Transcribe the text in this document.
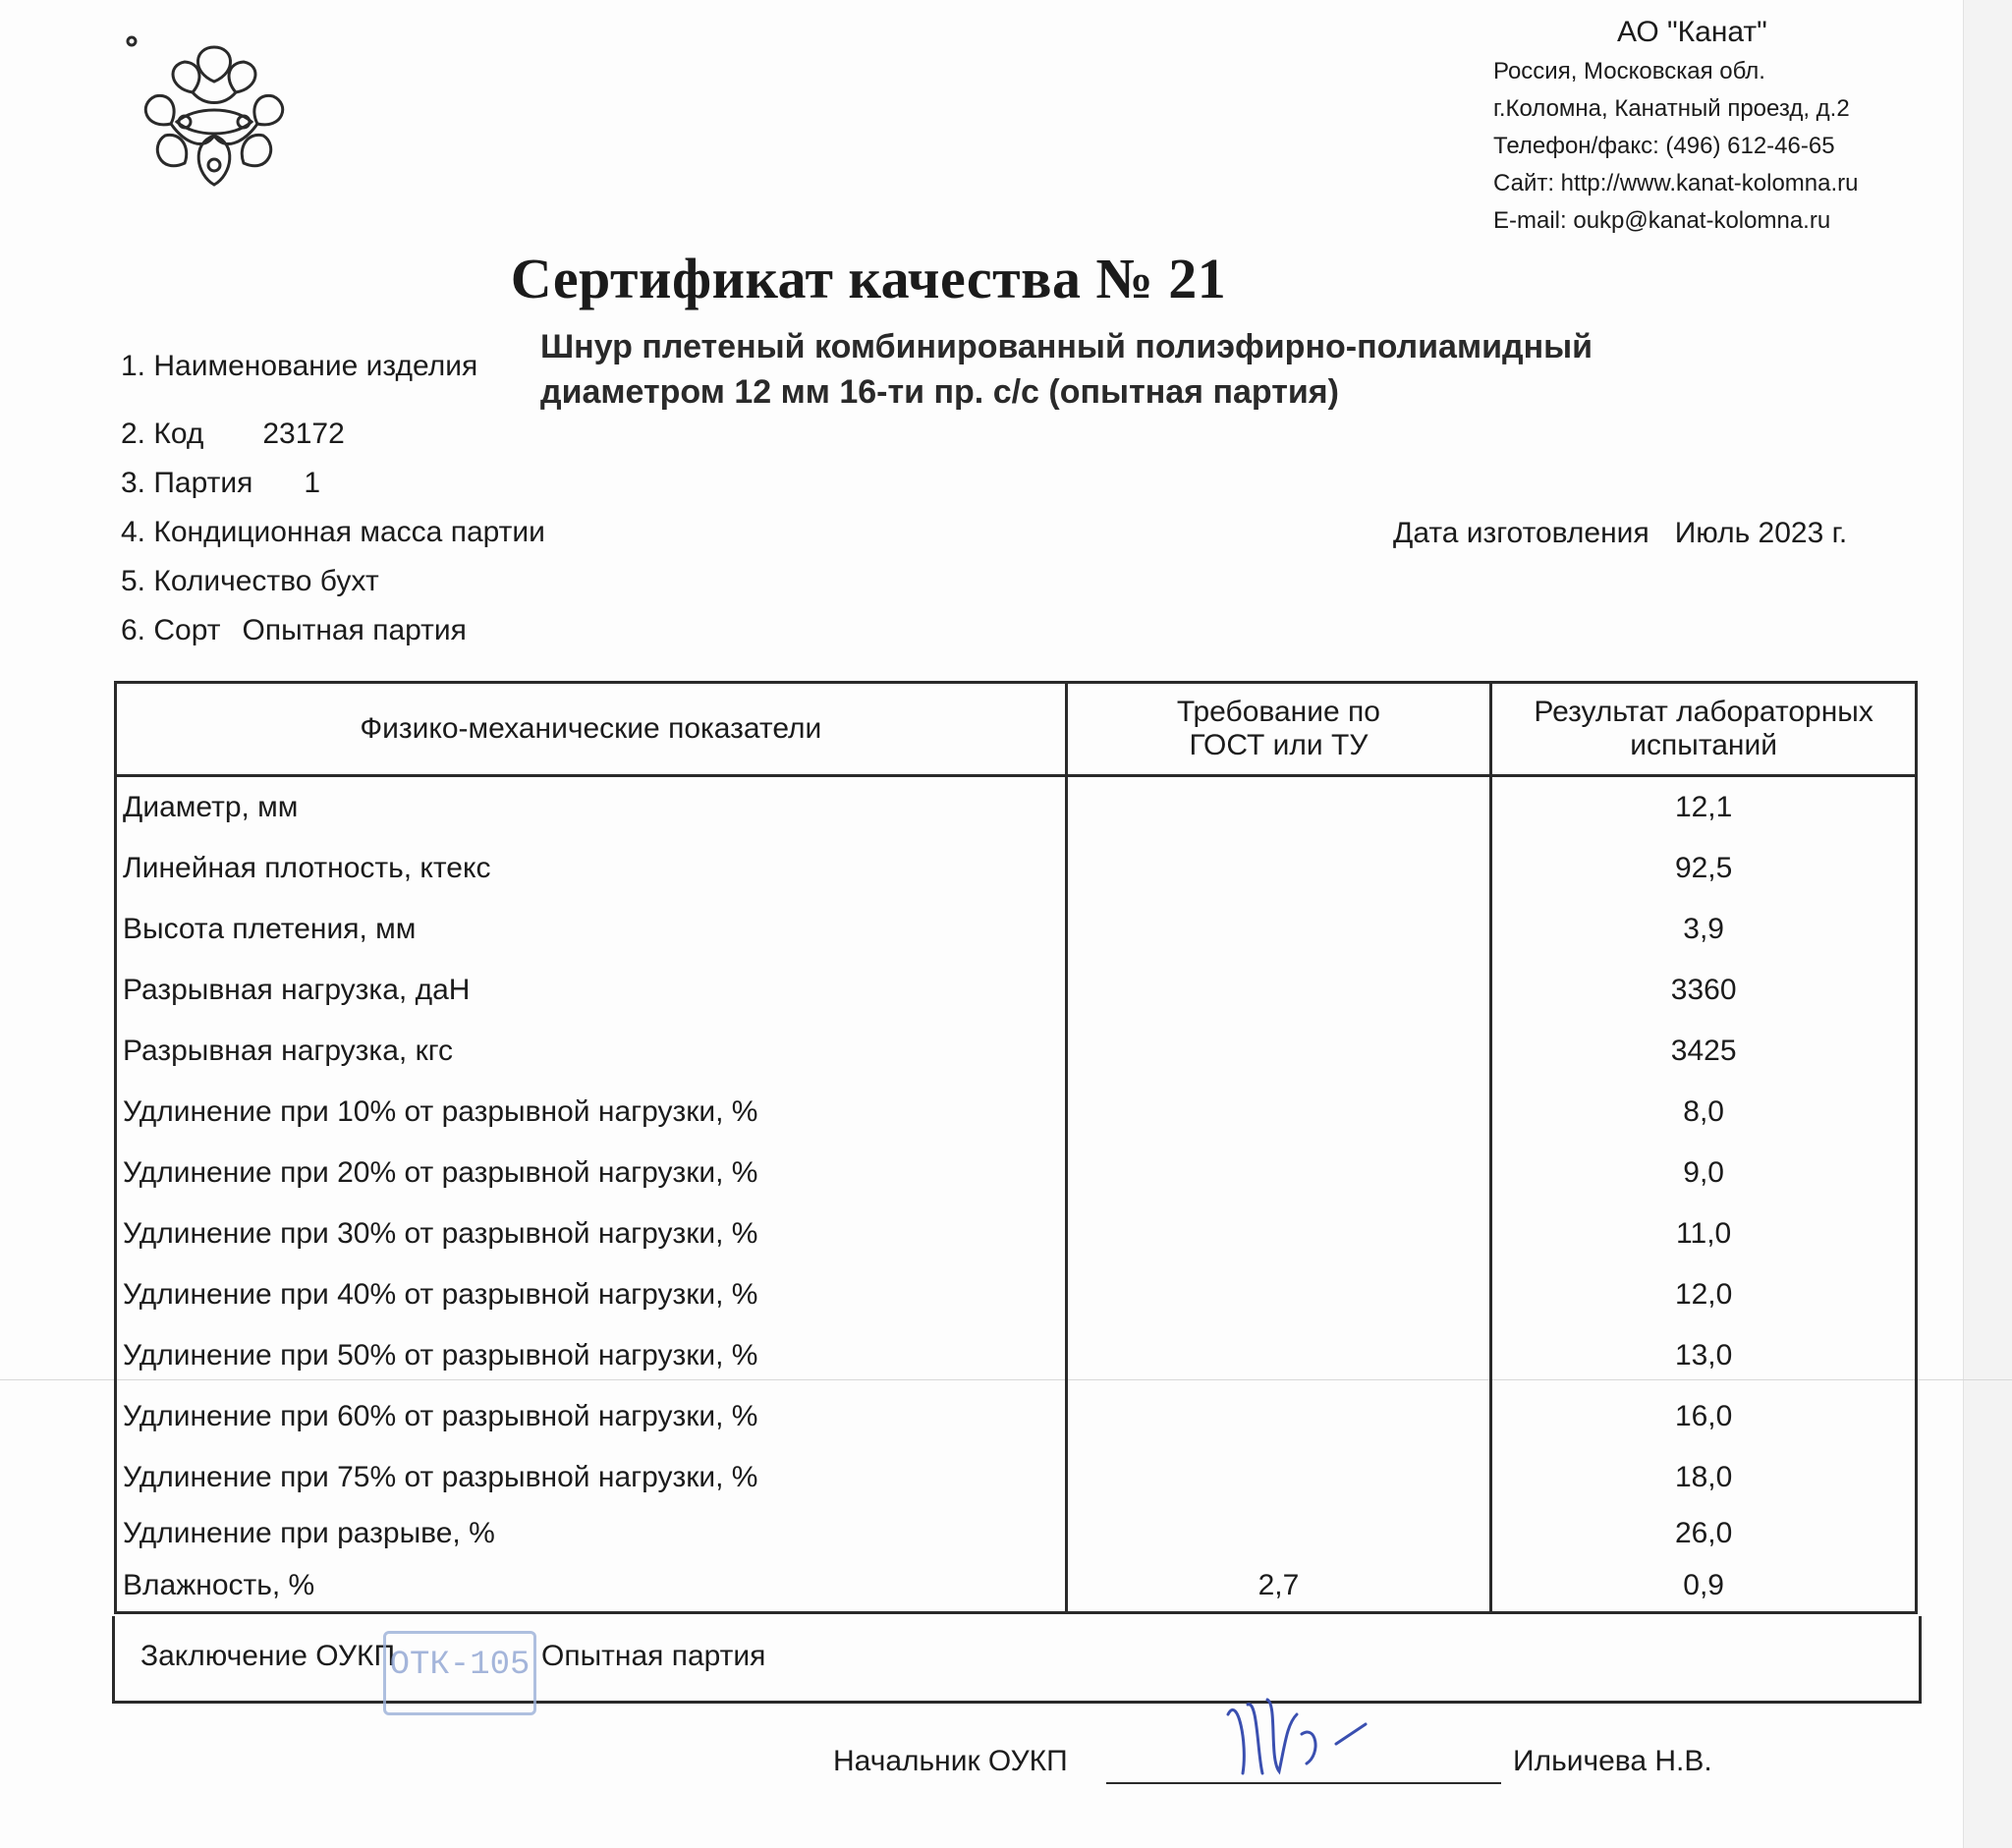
АО "Канат"
Россия, Московская обл.
г.Коломна, Канатный проезд, д.2
Телефон/факс: (496) 612-46-65
Сайт: http://www.kanat-kolomna.ru
E-mail: oukp@kanat-kolomna.ru
Сертификат качества № 21
1. Наименование изделия
Шнур плетеный комбинированный полиэфирно-полиамидный диаметром 12 мм 16-ти пр. с/с (опытная партия)
2. Код 23172
3. Партия 1
4. Кондиционная масса партии
5. Количество бухт
6. Сорт Опытная партия
Дата изготовления Июль 2023 г.
Физико-механические показатели	Требование по ГОСТ или ТУ	Результат лабораторных испытаний

Диаметр, мм		12,1
Линейная плотность, ктекс		92,5
Высота плетения, мм		3,9
Разрывная нагрузка, даН		3360
Разрывная нагрузка, кгс		3425
Удлинение при 10% от разрывной нагрузки, %		8,0
Удлинение при 20% от разрывной нагрузки, %		9,0
Удлинение при 30% от разрывной нагрузки, %		11,0
Удлинение при 40% от разрывной нагрузки, %		12,0
Удлинение при 50% от разрывной нагрузки, %		13,0
Удлинение при 60% от разрывной нагрузки, %		16,0
Удлинение при 75% от разрывной нагрузки, %		18,0
Удлинение при разрыве, %		26,0
Влажность, %	2,7	0,9
Заключение ОУКП	Опытная партия
ОТК-105
Начальник ОУКП	Ильичева Н.В.
